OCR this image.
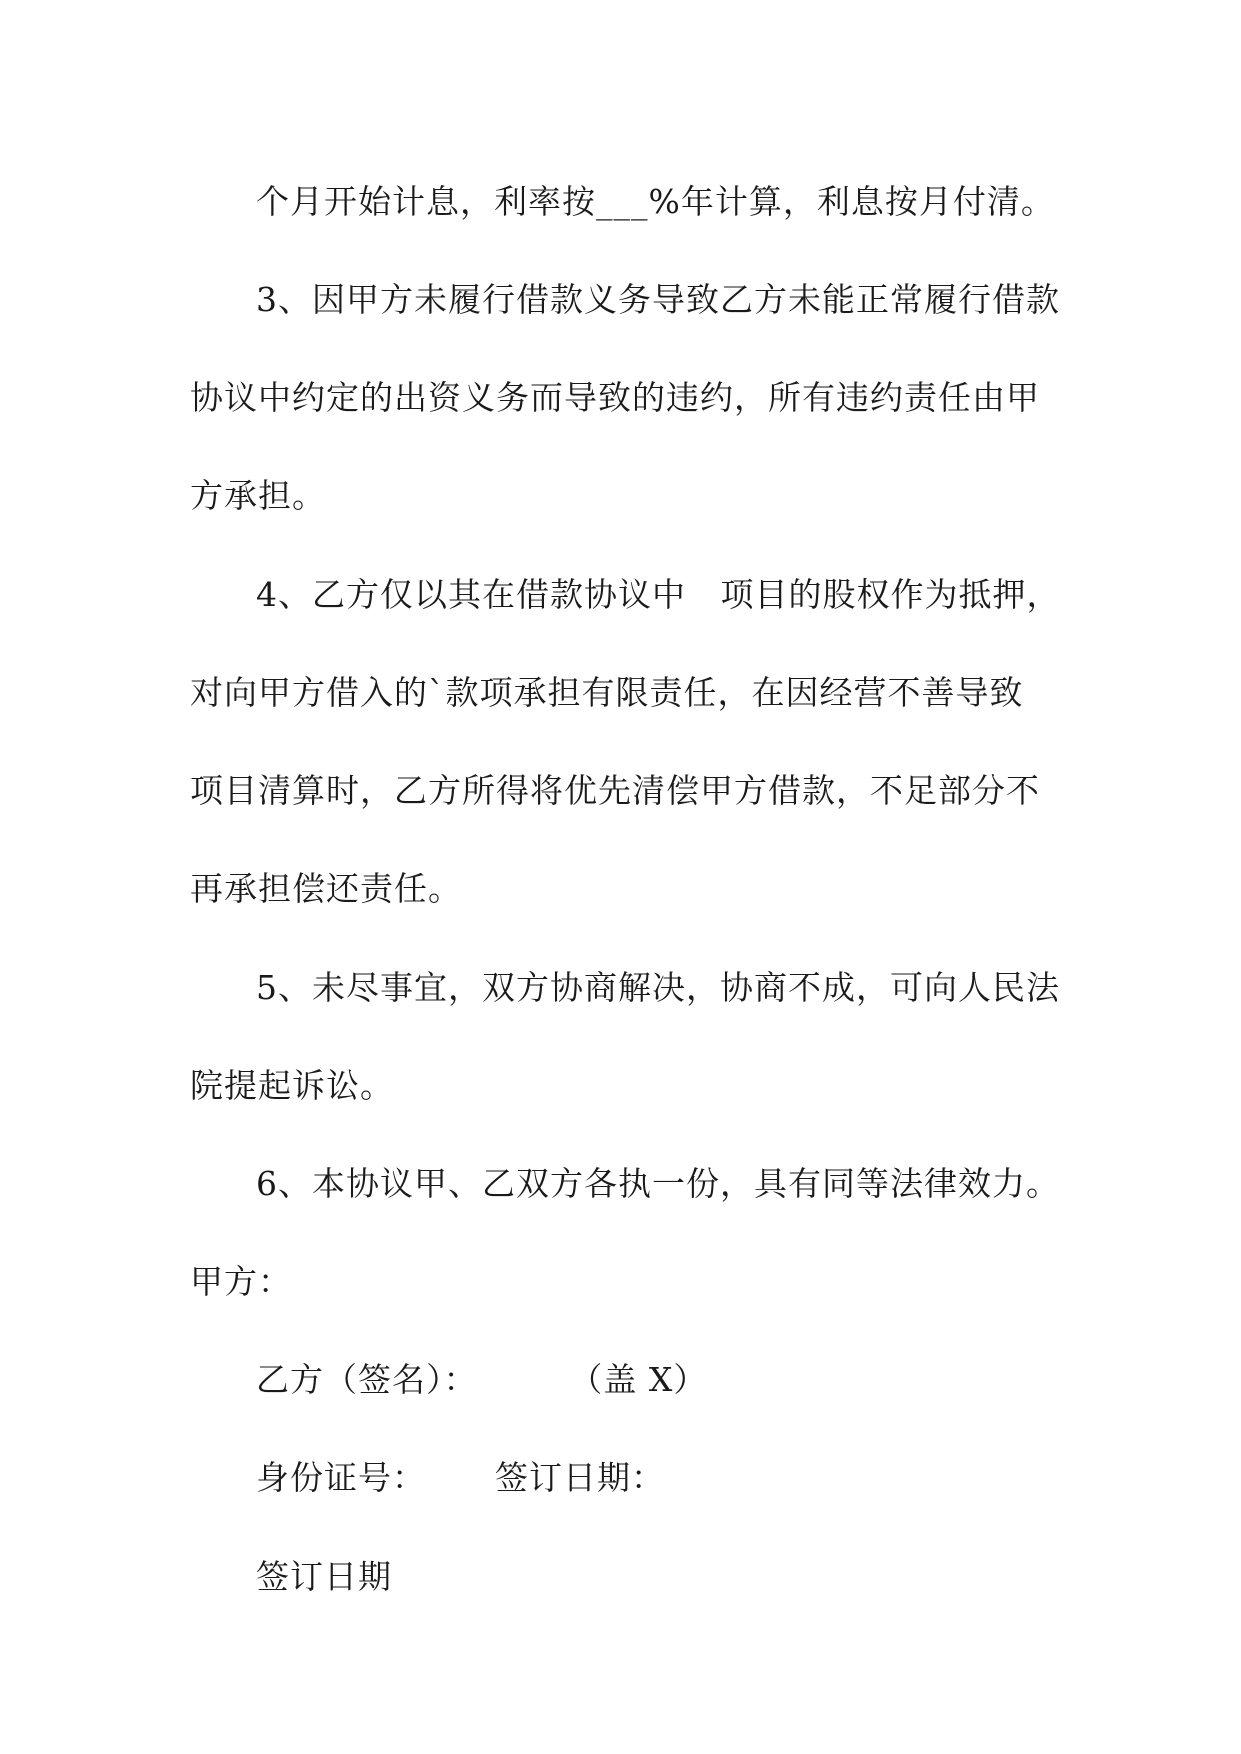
个月开始计息，利率按___%年计算，利息按月付清。
3、因甲方未履行借款义务导致乙方未能正常履行借款
协议中约定的出资义务而导致的违约，所有违约责任由甲
方承担。
4、乙方仅以其在借款协议中   项目的股权作为抵押，
对向甲方借入的`款项承担有限责任，在因经营不善导致
项目清算时，乙方所得将优先清偿甲方借款，不足部分不
再承担偿还责任。
5、未尽事宜，双方协商解决，协商不成，可向人民法
院提起诉讼。
6、本协议甲、乙双方各执一份，具有同等法律效力。
甲方：
乙方（签名）：        （盖 X）
身份证号：      签订日期：
签订日期
